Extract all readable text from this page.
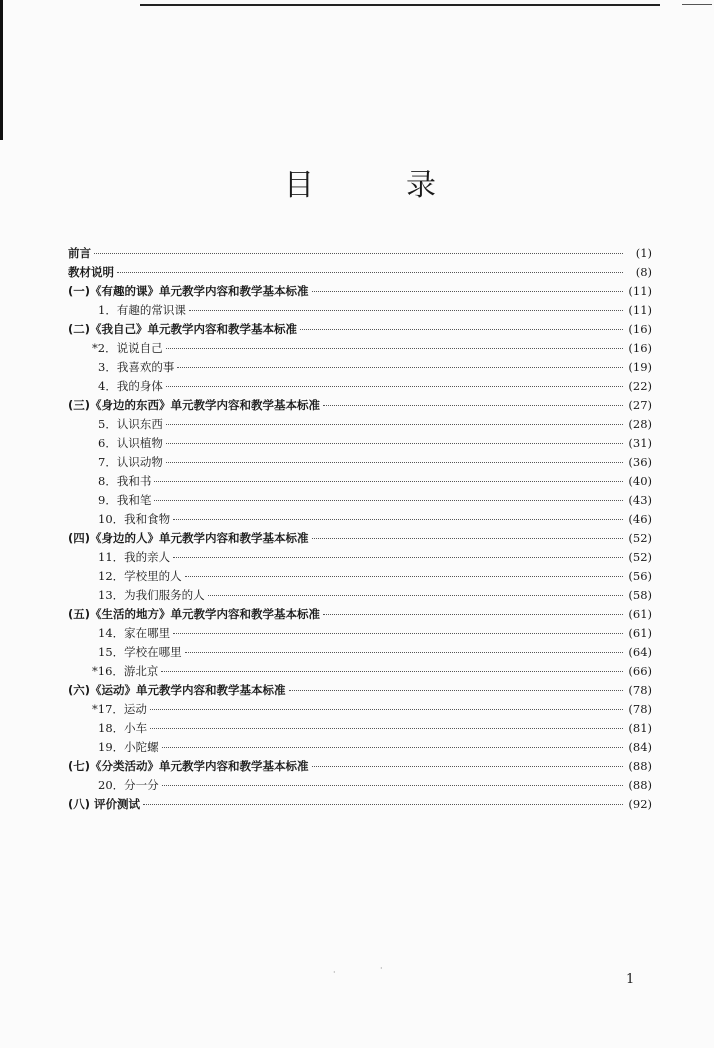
目	录
前言	(1)
教材说明	(8)
(一)《有趣的课》单元教学内容和教学基本标准	(11)
1．有趣的常识课	(11)
(二)《我自己》单元教学内容和教学基本标准	(16)
*2．说说自己	(16)
3．我喜欢的事	(19)
4．我的身体	(22)
(三)《身边的东西》单元教学内容和教学基本标准	(27)
5．认识东西	(28)
6．认识植物	(31)
7．认识动物	(36)
8．我和书	(40)
9．我和笔	(43)
10．我和食物	(46)
(四)《身边的人》单元教学内容和教学基本标准	(52)
11．我的亲人	(52)
12．学校里的人	(56)
13．为我们服务的人	(58)
(五)《生活的地方》单元教学内容和教学基本标准	(61)
14．家在哪里	(61)
15．学校在哪里	(64)
*16．游北京	(66)
(六)《运动》单元教学内容和教学基本标准	(78)
*17．运动	(78)
18．小车	(81)
19．小陀螺	(84)
(七)《分类活动》单元教学内容和教学基本标准	(88)
20．分一分	(88)
(八) 评价测试	(92)
1
·	·
